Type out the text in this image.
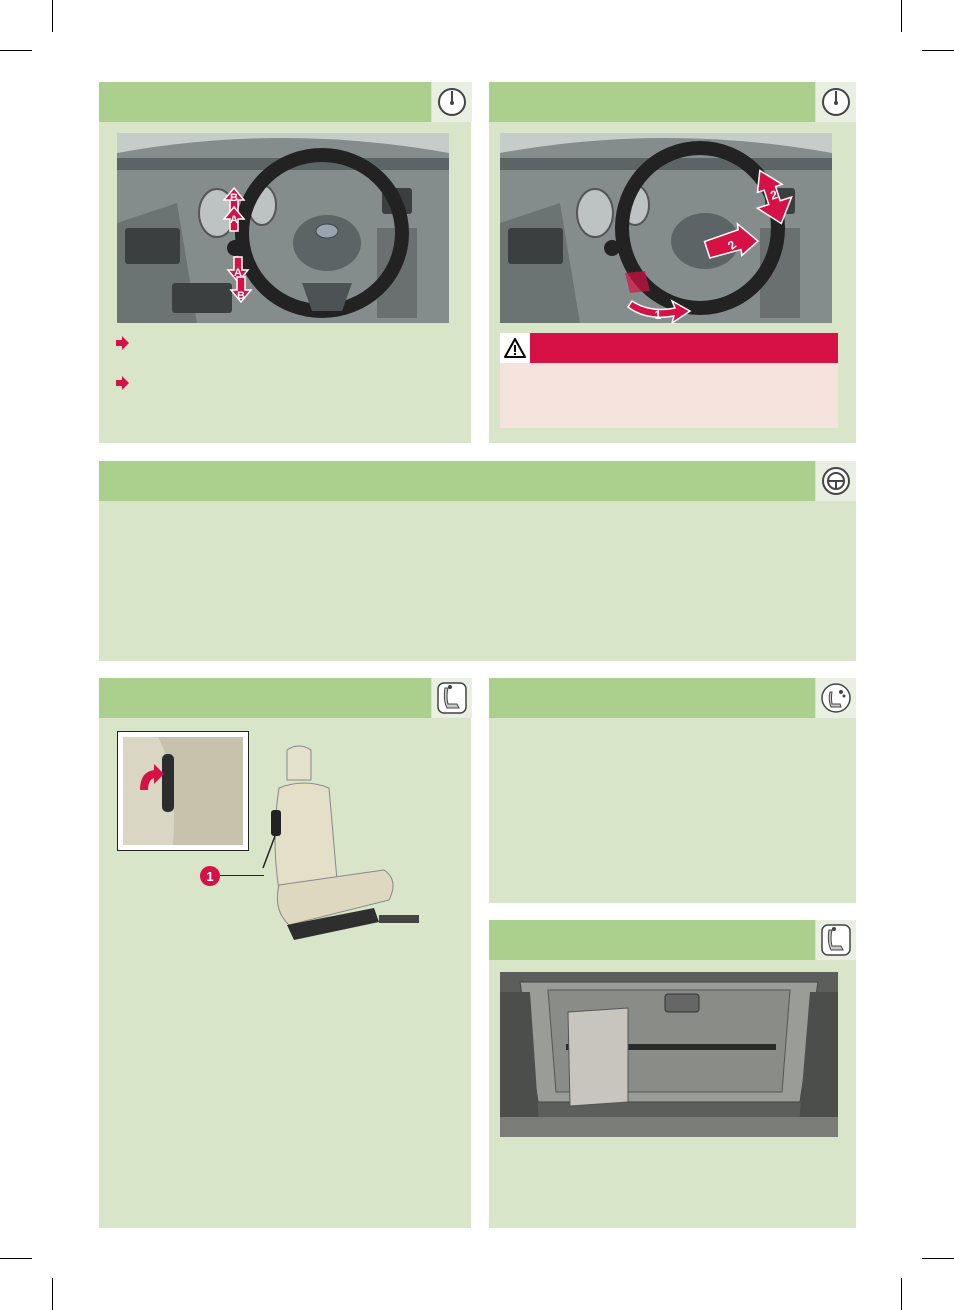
B
A
A
B
2
2
1
1
